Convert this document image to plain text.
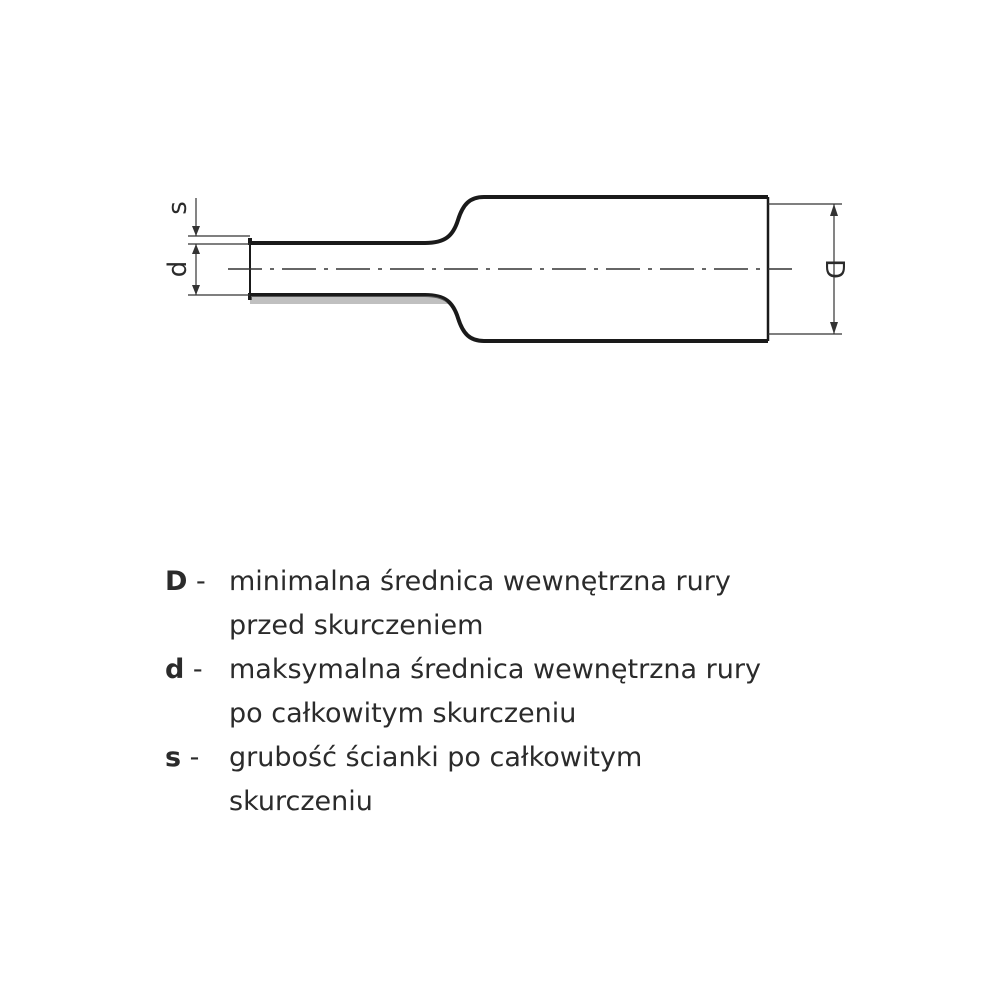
s
d	D
D - minimalna średnica wewnętrzna rury
przed skurczeniem
d - maksymalna średnica wewnętrzna rury
po całkowitym skurczeniu
s -	grubość ścianki po całkowitym
skurczeniu
